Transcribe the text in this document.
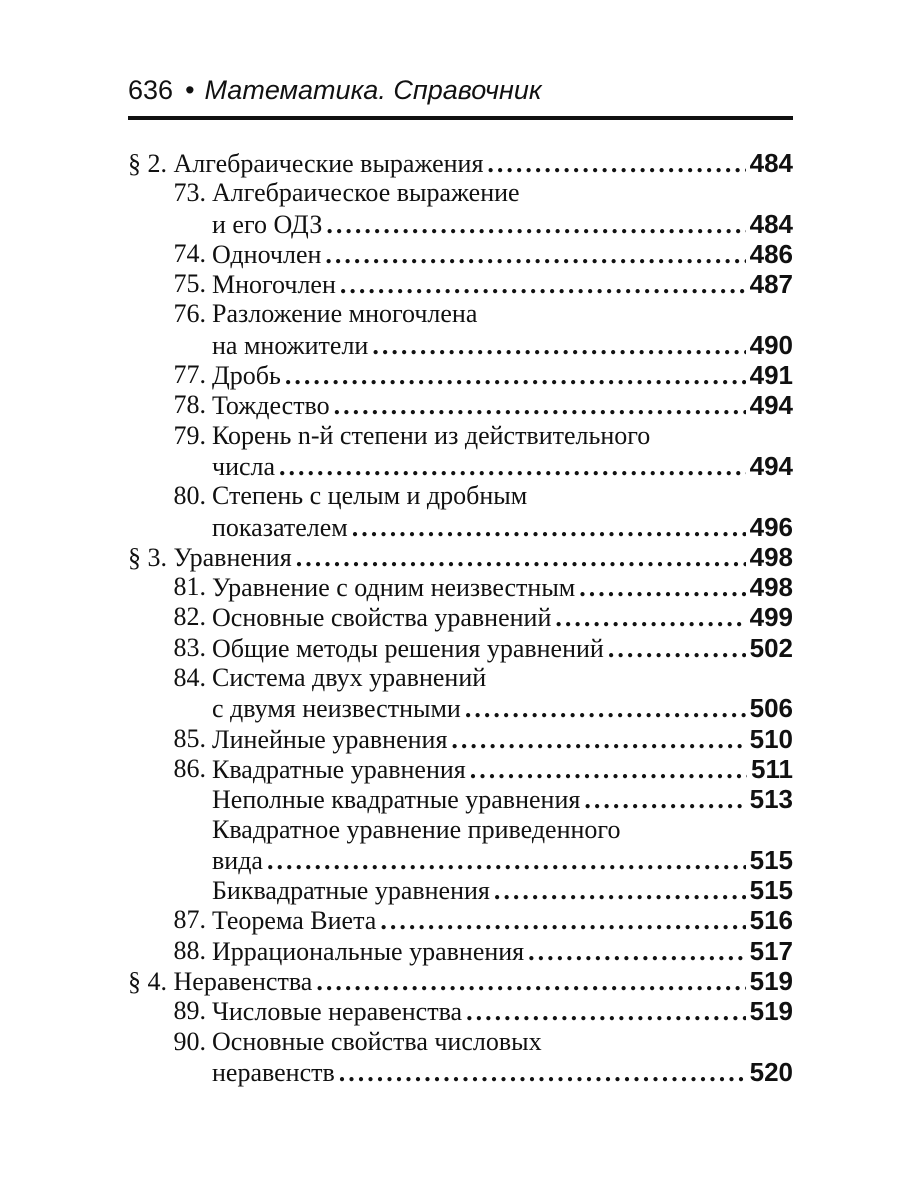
636 • Математика. Справочник
§ 2. Алгебраические выражения .....	484
73. Алгебраическое выражение
и его ОДЗ .....	484
74. Одночлен .....	486
75. Многочлен .....	487
76. Разложение многочлена
на множители .....	490
77. Дробь .....	491
78. Тождество .....	494
79. Корень n-й степени из действительного
числа .....	494
80. Степень с целым и дробным
показателем .....	496
§ 3. Уравнения .....	498
81. Уравнение с одним неизвестным .....	498
82. Основные свойства уравнений .....	499
83. Общие методы решения уравнений .....	502
84. Система двух уравнений
с двумя неизвестными .....	506
85. Линейные уравнения .....	510
86. Квадратные уравнения .....	511
Неполные квадратные уравнения .....	513
Квадратное уравнение приведенного
вида .....	515
Биквадратные уравнения .....	515
87. Теорема Виета .....	516
88. Иррациональные уравнения .....	517
§ 4. Неравенства .....	519
89. Числовые неравенства .....	519
90. Основные свойства числовых
неравенств .....	520
